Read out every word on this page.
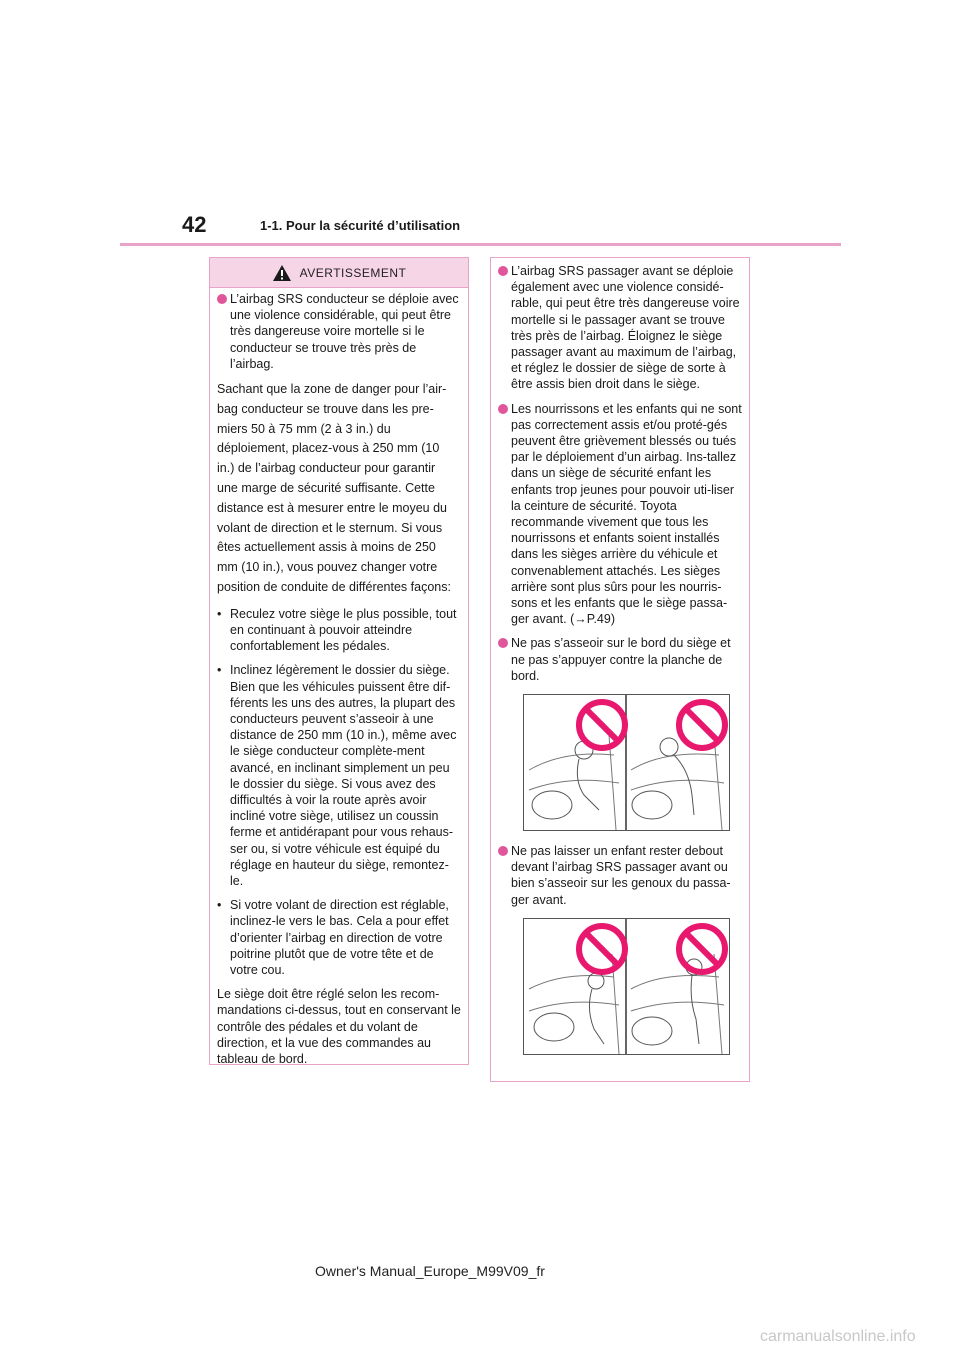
42	1-1. Pour la sécurité d’utilisation
AVERTISSEMENT
L’airbag SRS conducteur se déploie avec une violence considérable, qui peut être très dangereuse voire mortelle si le conducteur se trouve très près de l’airbag.
Sachant que la zone de danger pour l’air-
bag conducteur se trouve dans les pre-
miers 50 à 75 mm (2 à 3 in.) du
déploiement, placez-vous à 250 mm (10
in.) de l’airbag conducteur pour garantir
une marge de sécurité suffisante. Cette
distance est à mesurer entre le moyeu du
volant de direction et le sternum. Si vous
êtes actuellement assis à moins de 250
mm (10 in.), vous pouvez changer votre
position de conduite de différentes façons:
• Reculez votre siège le plus possible, tout en continuant à pouvoir atteindre confortablement les pédales.
• Inclinez légèrement le dossier du siège. Bien que les véhicules puissent être dif-férents les uns des autres, la plupart des conducteurs peuvent s’asseoir à une distance de 250 mm (10 in.), même avec le siège conducteur complète-ment avancé, en inclinant simplement un peu le dossier du siège. Si vous avez des difficultés à voir la route après avoir incliné votre siège, utilisez un coussin ferme et antidérapant pour vous rehaus-ser ou, si votre véhicule est équipé du réglage en hauteur du siège, remontez-le.
• Si votre volant de direction est réglable, inclinez-le vers le bas. Cela a pour effet d’orienter l’airbag en direction de votre poitrine plutôt que de votre tête et de votre cou.
Le siège doit être réglé selon les recom-mandations ci-dessus, tout en conservant le contrôle des pédales et du volant de direction, et la vue des commandes au tableau de bord.
L’airbag SRS passager avant se déploie également avec une violence considé-rable, qui peut être très dangereuse voire mortelle si le passager avant se trouve très près de l’airbag. Éloignez le siège passager avant au maximum de l’airbag, et réglez le dossier de siège de sorte à être assis bien droit dans le siège.
Les nourrissons et les enfants qui ne sont pas correctement assis et/ou proté-gés peuvent être grièvement blessés ou tués par le déploiement d’un airbag. Ins-tallez dans un siège de sécurité enfant les enfants trop jeunes pour pouvoir uti-liser la ceinture de sécurité. Toyota recommande vivement que tous les nourrissons et enfants soient installés dans les sièges arrière du véhicule et convenablement attachés. Les sièges arrière sont plus sûrs pour les nourris-sons et les enfants que le siège passa-ger avant. (→P.49)
Ne pas s’asseoir sur le bord du siège et ne pas s’appuyer contre la planche de bord.
Ne pas laisser un enfant rester debout devant l’airbag SRS passager avant ou bien s’asseoir sur les genoux du passa-ger avant.
Owner's Manual_Europe_M99V09_fr
carmanualsonline.info
